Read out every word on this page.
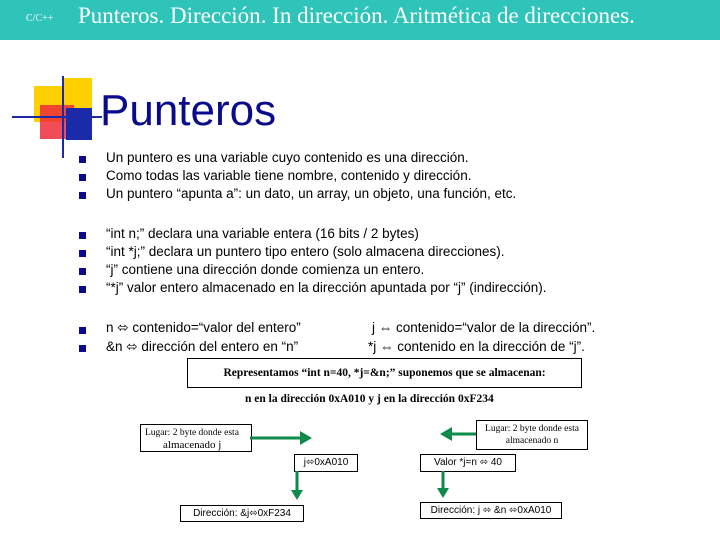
C/C++ Punteros. Dirección. In dirección. Aritmética de direcciones.
Punteros
Un puntero es una variable cuyo contenido es una dirección.
Como todas las variable tiene nombre, contenido y dirección.
Un puntero “apunta a”: un dato, un array, un objeto, una función, etc.
“int n;” declara una variable entera (16 bits / 2 bytes)
“int *j;” declara un puntero tipo entero (solo almacena direcciones).
“j” contiene una dirección donde comienza un entero.
“*j” valor entero almacenado en la dirección apuntada por “j” (indirección).
n ⬄ contenido=“valor del entero”
&n ⬄ dirección del entero en “n”
j ⇔ contenido=“valor de la dirección”.
*j ⇔ contenido en la dirección de “j”.
Representamos “int n=40, *j=&n;” suponemos que se almacenan:
n en la dirección 0xA010 y j en la dirección 0xF234
Lugar: 2 byte donde esta
almacenado j
Lugar: 2 byte donde esta
almacenado n
j⬄0xA010	Valor *j=n ⬄ 40
Dirección: &j⬄0xF234	Dirección: j ⬄ &n ⬄0xA010
